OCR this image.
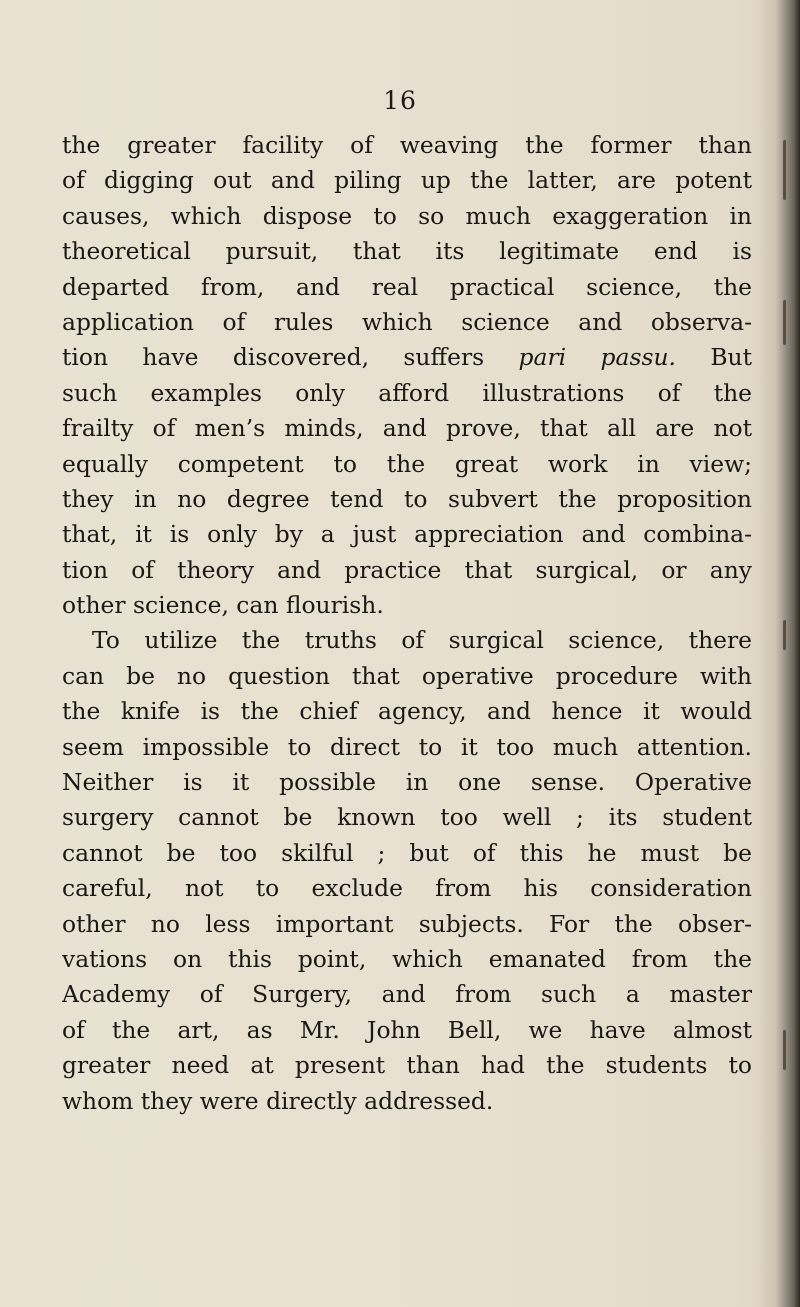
16
the greater facility of weaving the former than
of digging out and piling up the latter, are potent
causes, which dispose to so much exaggeration in
theoretical pursuit, that its legitimate end is
departed from, and real practical science, the
application of rules which science and observa-
tion have discovered, suffers pari passu. But
such examples only afford illustrations of the
frailty of men’s minds, and prove, that all are not
equally competent to the great work in view;
they in no degree tend to subvert the proposition
that, it is only by a just appreciation and combina-
tion of theory and practice that surgical, or any
other science, can flourish.
To utilize the truths of surgical science, there
can be no question that operative procedure with
the knife is the chief agency, and hence it would
seem impossible to direct to it too much attention.
Neither is it possible in one sense. Operative
surgery cannot be known too well ; its student
cannot be too skilful ; but of this he must be
careful, not to exclude from his consideration
other no less important subjects. For the obser-
vations on this point, which emanated from the
Academy of Surgery, and from such a master
of the art, as Mr. John Bell, we have almost
greater need at present than had the students to
whom they were directly addressed.
